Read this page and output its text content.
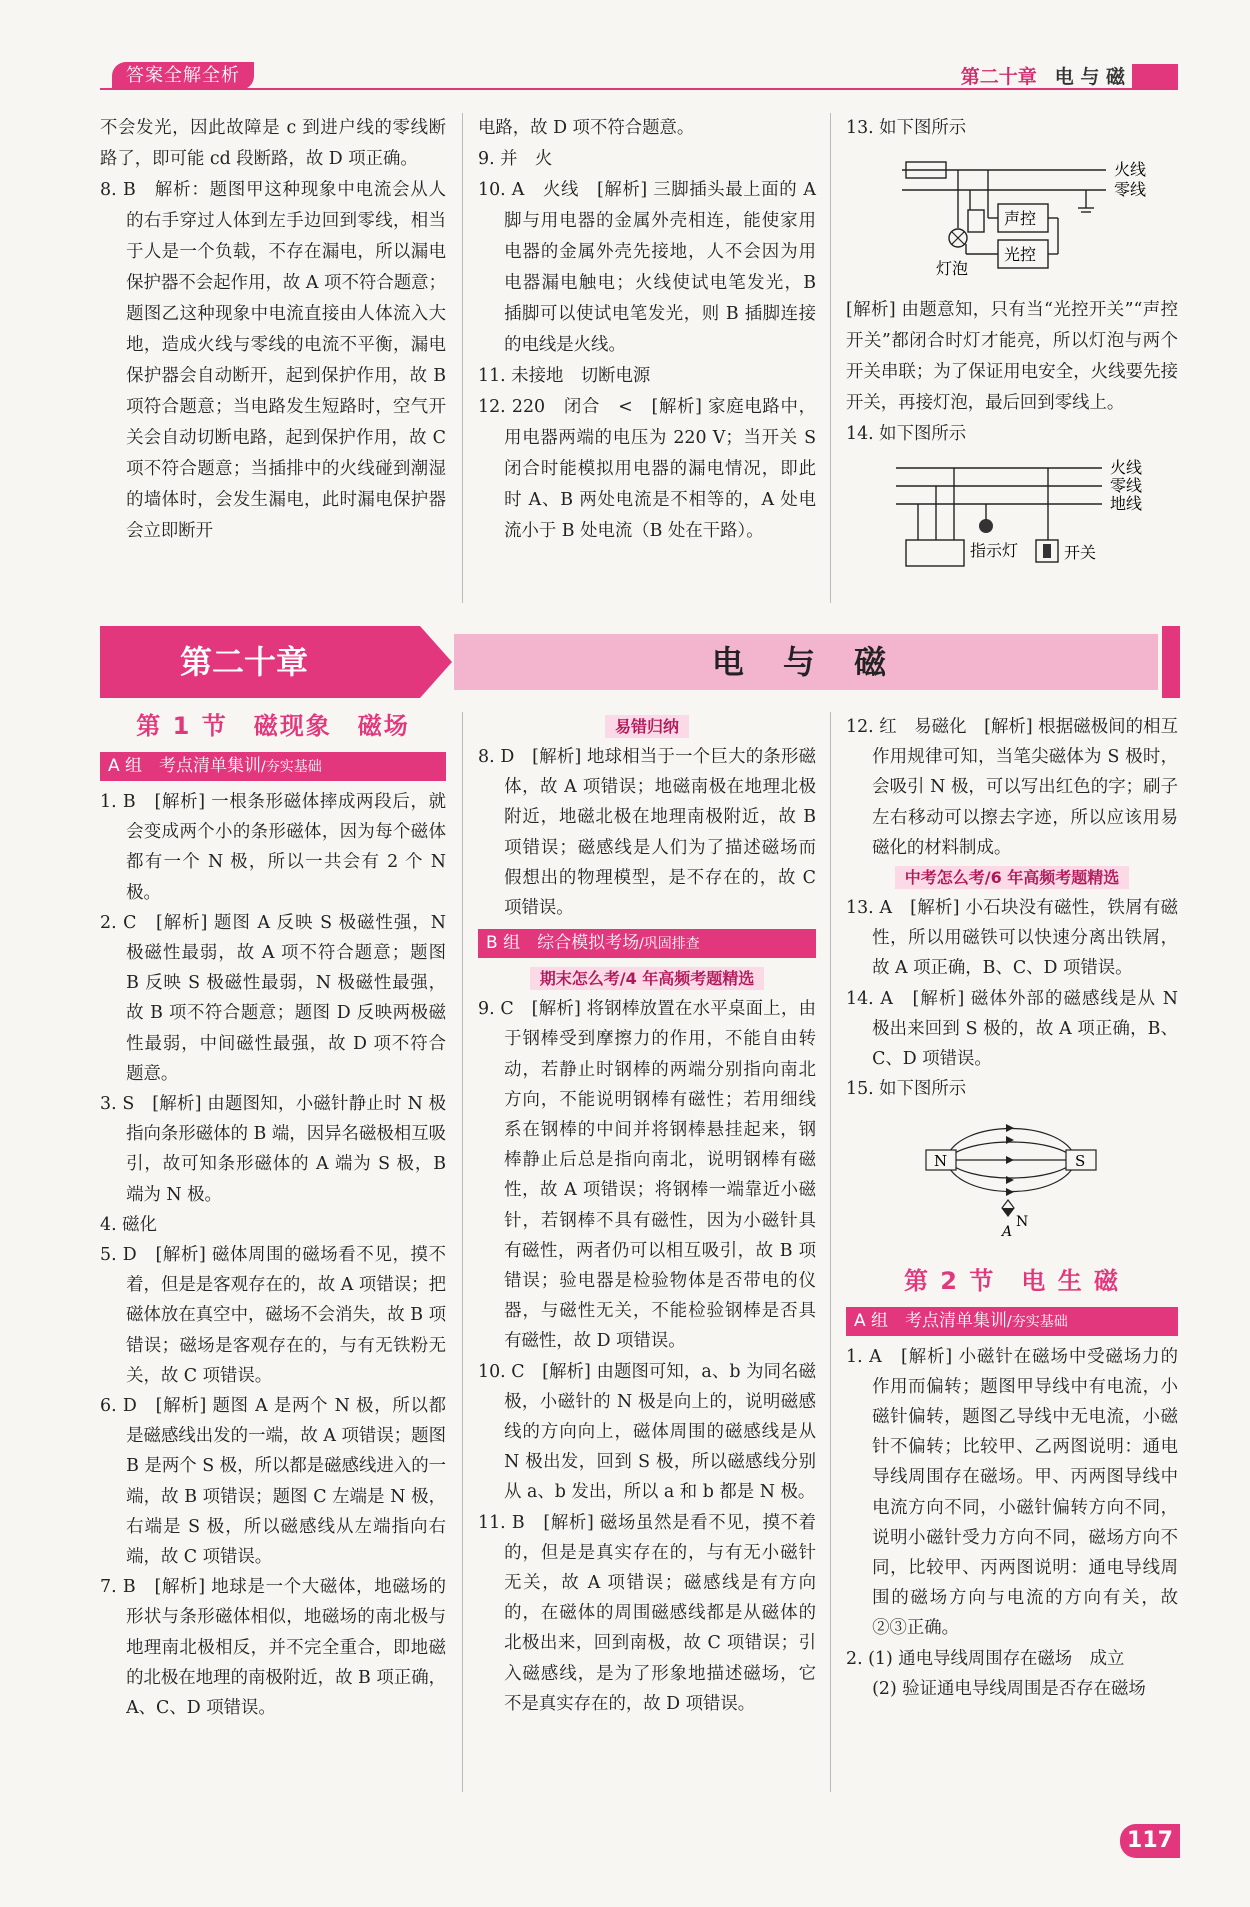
答案全解全析	第二十章 电 与 磁

不会发光，因此故障是 c 到进户线的零线断路了，即可能 cd 段断路，故 D 项正确。

8. B　解析：题图甲这种现象中电流会从人的右手穿过人体到左手边回到零线，相当于人是一个负载，不存在漏电，所以漏电保护器不会起作用，故 A 项不符合题意；题图乙这种现象中电流直接由人体流入大地，造成火线与零线的电流不平衡，漏电保护器会自动断开，起到保护作用，故 B 项符合题意；当电路发生短路时，空气开关会自动切断电路，起到保护作用，故 C 项不符合题意；当插排中的火线碰到潮湿的墙体时，会发生漏电，此时漏电保护器会立即断开

电路，故 D 项不符合题意。

9. 并　火

10. A　火线　[解析] 三脚插头最上面的 A 脚与用电器的金属外壳相连，能使家用电器的金属外壳先接地，人不会因为用电器漏电触电；火线使试电笔发光，B 插脚可以使试电笔发光，则 B 插脚连接的电线是火线。

11. 未接地　切断电源

12. 220　闭合　<　[解析] 家庭电路中，用电器两端的电压为 220 V；当开关 S 闭合时能模拟用电器的漏电情况，即此时 A、B 两处电流是不相等的，A 处电流小于 B 处电流（B 处在干路）。

13. 如下图所示

火线
零线
声控
光控
灯泡

[解析] 由题意知，只有当“光控开关”“声控开关”都闭合时灯才能亮，所以灯泡与两个开关串联；为了保证用电安全，火线要先接开关，再接灯泡，最后回到零线上。

14. 如下图所示

火线
零线
地线
指示灯	开关
第二十章	电 与 磁
第 1 节　磁现象　磁场
A 组　考点清单集训/夯实基础

1. B　[解析] 一根条形磁体摔成两段后，就会变成两个小的条形磁体，因为每个磁体都有一个 N 极，所以一共会有 2 个 N 极。

2. C　[解析] 题图 A 反映 S 极磁性强，N 极磁性最弱，故 A 项不符合题意；题图 B 反映 S 极磁性最弱，N 极磁性最强，故 B 项不符合题意；题图 D 反映两极磁性最弱，中间磁性最强，故 D 项不符合题意。

3. S　[解析] 由题图知，小磁针静止时 N 极指向条形磁体的 B 端，因异名磁极相互吸引，故可知条形磁体的 A 端为 S 极，B 端为 N 极。

4. 磁化

5. D　[解析] 磁体周围的磁场看不见，摸不着，但是是客观存在的，故 A 项错误；把磁体放在真空中，磁场不会消失，故 B 项错误；磁场是客观存在的，与有无铁粉无关，故 C 项错误。

6. D　[解析] 题图 A 是两个 N 极，所以都是磁感线出发的一端，故 A 项错误；题图 B 是两个 S 极，所以都是磁感线进入的一端，故 B 项错误；题图 C 左端是 N 极，右端是 S 极，所以磁感线从左端指向右端，故 C 项错误。

7. B　[解析] 地球是一个大磁体，地磁场的形状与条形磁体相似，地磁场的南北极与地理南北极相反，并不完全重合，即地磁的北极在地理的南极附近，故 B 项正确，A、C、D 项错误。

易错归纳

8. D　[解析] 地球相当于一个巨大的条形磁体，故 A 项错误；地磁南极在地理北极附近，地磁北极在地理南极附近，故 B 项错误；磁感线是人们为了描述磁场而假想出的物理模型，是不存在的，故 C 项错误。

B 组　综合模拟考场/巩固排查
期末怎么考/4 年高频考题精选

9. C　[解析] 将钢棒放置在水平桌面上，由于钢棒受到摩擦力的作用，不能自由转动，若静止时钢棒的两端分别指向南北方向，不能说明钢棒有磁性；若用细线系在钢棒的中间并将钢棒悬挂起来，钢棒静止后总是指向南北，说明钢棒有磁性，故 A 项错误；将钢棒一端靠近小磁针，若钢棒不具有磁性，因为小磁针具有磁性，两者仍可以相互吸引，故 B 项错误；验电器是检验物体是否带电的仪器，与磁性无关，不能检验钢棒是否具有磁性，故 D 项错误。

10. C　[解析] 由题图可知，a、b 为同名磁极，小磁针的 N 极是向上的，说明磁感线的方向向上，磁体周围的磁感线是从 N 极出发，回到 S 极，所以磁感线分别从 a、b 发出，所以 a 和 b 都是 N 极。

11. B　[解析] 磁场虽然是看不见，摸不着的，但是是真实存在的，与有无小磁针无关，故 A 项错误；磁感线是有方向的，在磁体的周围磁感线都是从磁体的北极出来，回到南极，故 C 项错误；引入磁感线，是为了形象地描述磁场，它不是真实存在的，故 D 项错误。

12. 红　易磁化　[解析] 根据磁极间的相互作用规律可知，当笔尖磁体为 S 极时，会吸引 N 极，可以写出红色的字；刷子左右移动可以擦去字迹，所以应该用易磁化的材料制成。

中考怎么考/6 年高频考题精选

13. A　[解析] 小石块没有磁性，铁屑有磁性，所以用磁铁可以快速分离出铁屑，故 A 项正确，B、C、D 项错误。

14. A　[解析] 磁体外部的磁感线是从 N 极出来回到 S 极的，故 A 项正确，B、C、D 项错误。

15. 如下图所示

N	S
A
N
第 2 节　电 生 磁
A 组　考点清单集训/夯实基础

1. A　[解析] 小磁针在磁场中受磁场力的作用而偏转；题图甲导线中有电流，小磁针偏转，题图乙导线中无电流，小磁针不偏转；比较甲、乙两图说明：通电导线周围存在磁场。甲、丙两图导线中电流方向不同，小磁针偏转方向不同，说明小磁针受力方向不同，磁场方向不同，比较甲、丙两图说明：通电导线周围的磁场方向与电流的方向有关，故②③正确。

2. (1) 通电导线周围存在磁场　成立

(2) 验证通电导线周围是否存在磁场

117
